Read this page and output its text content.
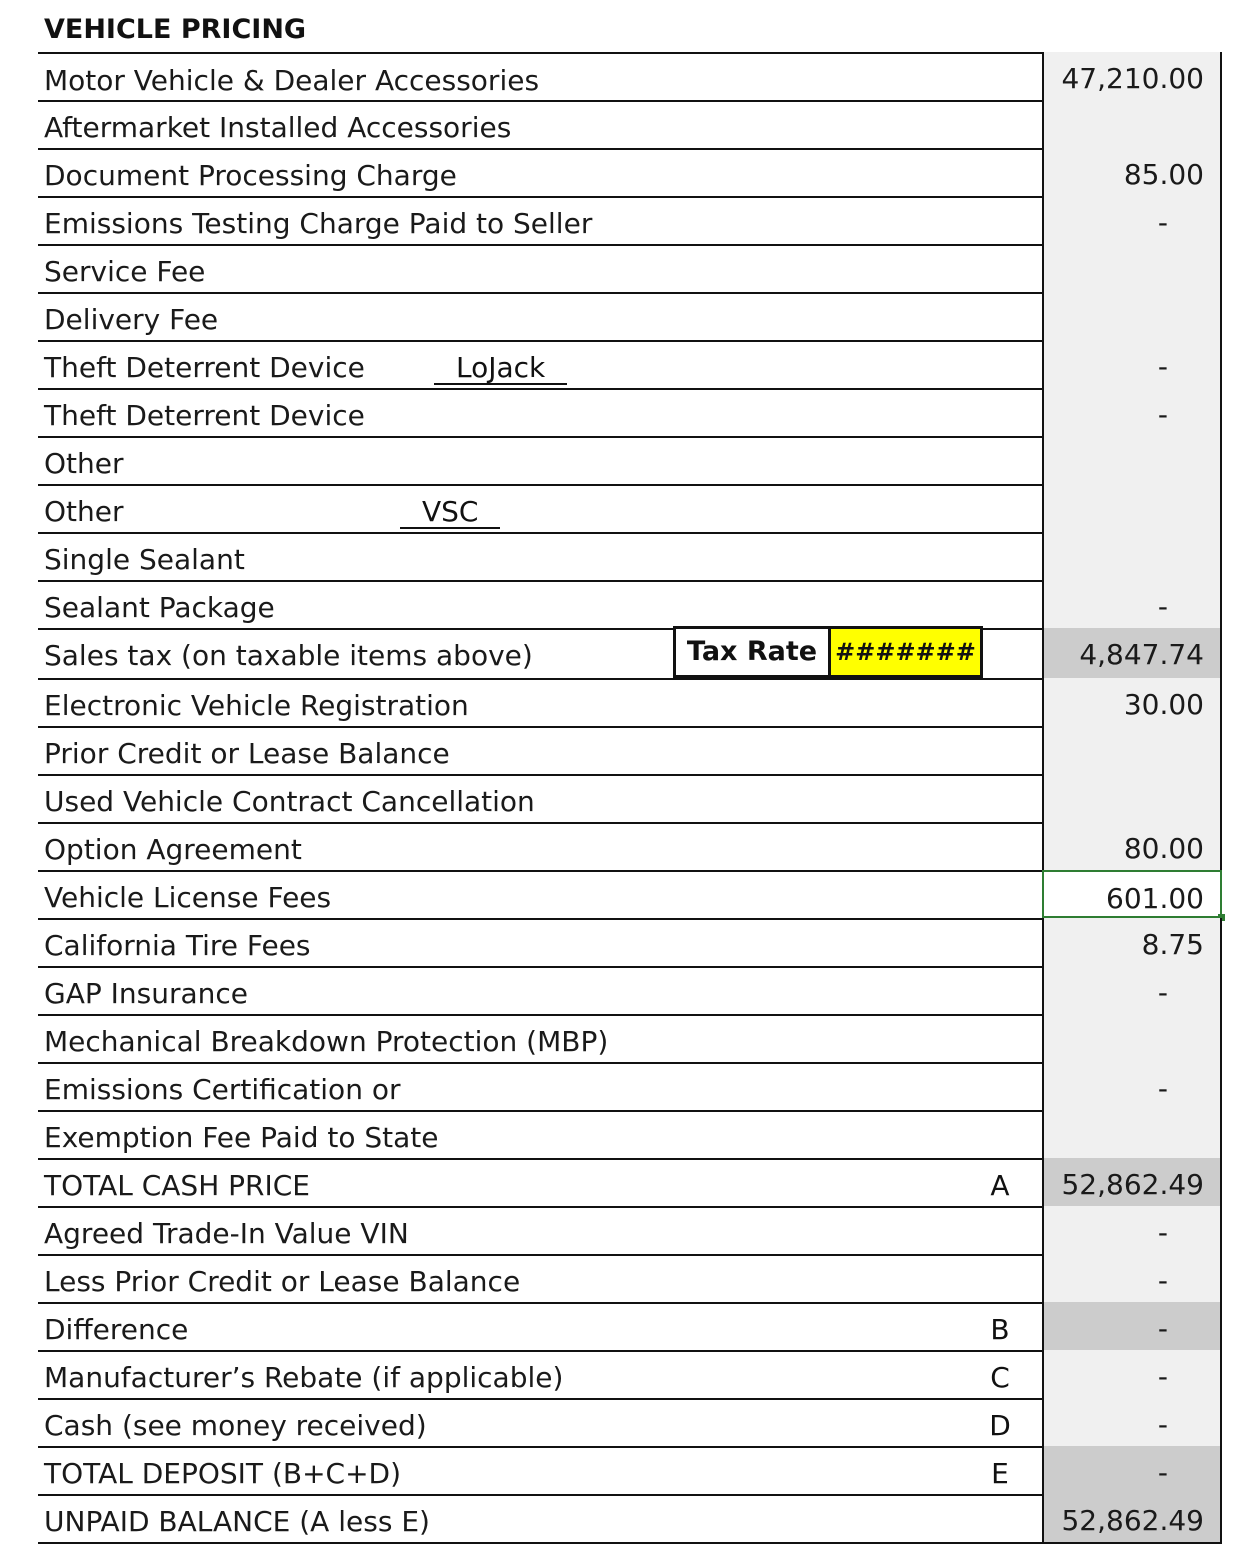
VEHICLE PRICING
Motor Vehicle & Dealer Accessories	47,210.00
Aftermarket Installed Accessories
Document Processing Charge	85.00
Emissions Testing Charge Paid to Seller	-
Service Fee
Delivery Fee
Theft Deterrent Device	LoJack	-
Theft Deterrent Device	-
Other
Other	VSC
Single Sealant
Sealant Package	-
Sales tax (on taxable items above)	Tax Rate #######	4,847.74
Electronic Vehicle Registration	30.00
Prior Credit or Lease Balance
Used Vehicle Contract Cancellation
Option Agreement	80.00
Vehicle License Fees	601.00
California Tire Fees	8.75
GAP Insurance	-
Mechanical Breakdown Protection (MBP)
Emissions Certification or	-
Exemption Fee Paid to State
TOTAL CASH PRICE	A	52,862.49
Agreed Trade-In Value VIN	-
Less Prior Credit or Lease Balance	-
Difference	B	-
Manufacturer’s Rebate (if applicable)	C	-
Cash (see money received)	D	-
TOTAL DEPOSIT (B+C+D)	E	-
UNPAID BALANCE (A less E)	52,862.49
